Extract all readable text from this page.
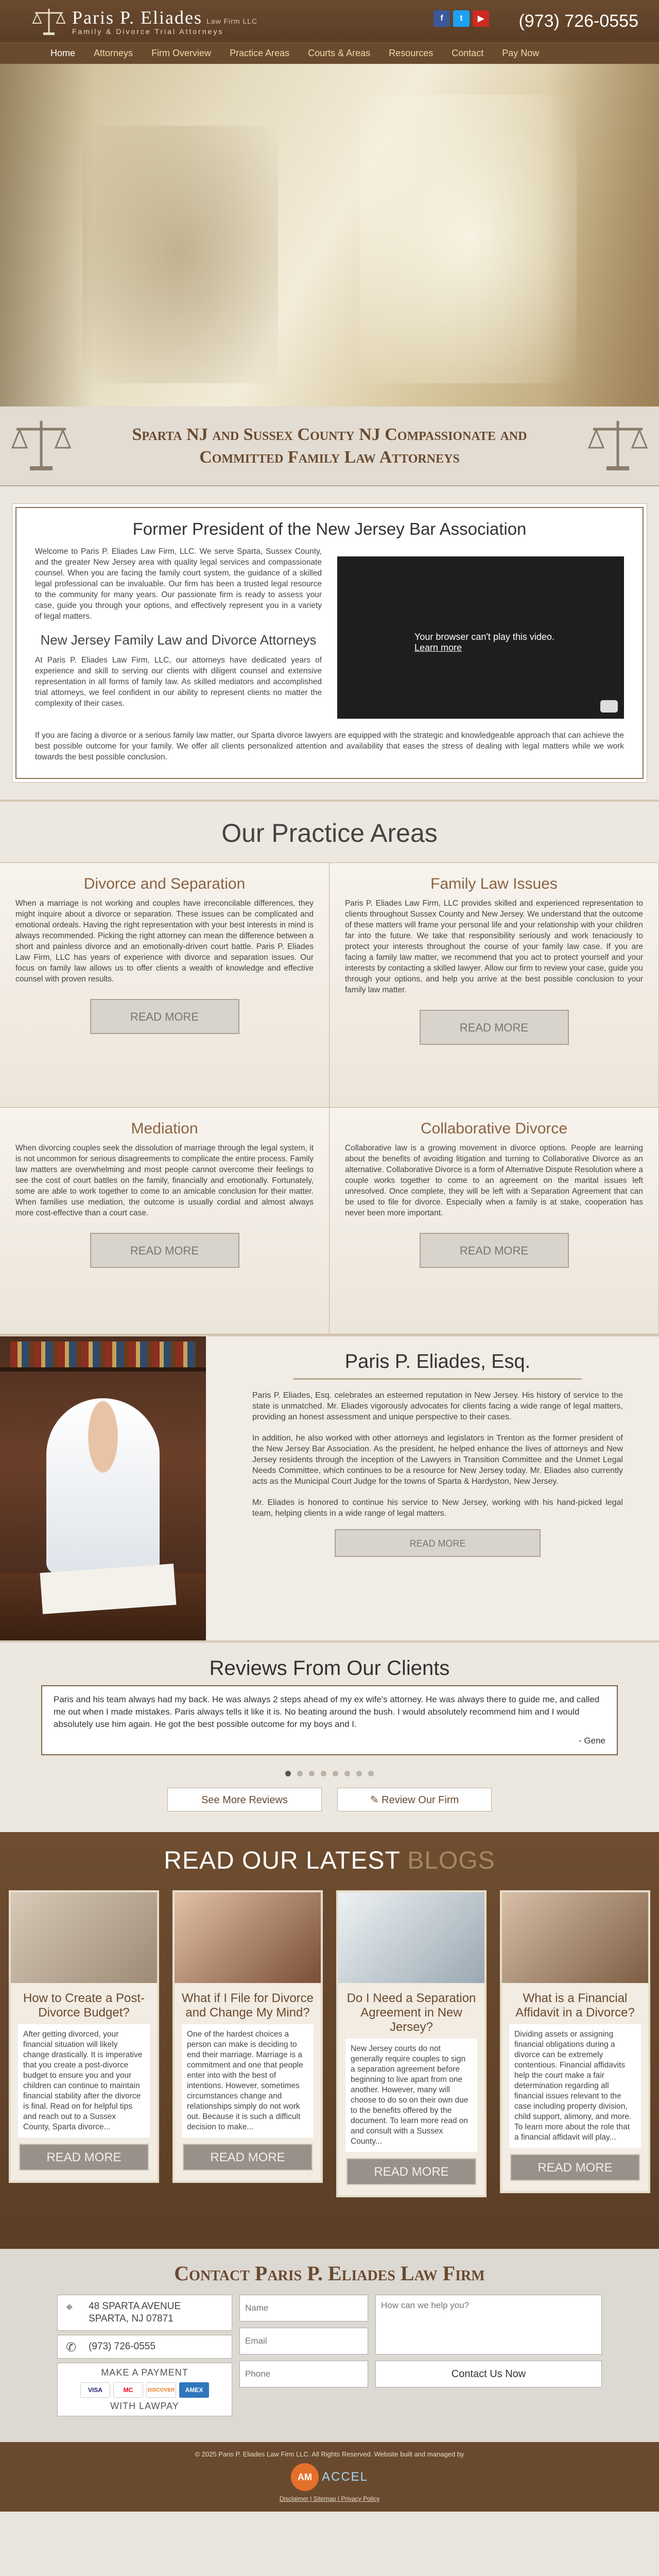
Paris P. Eliades Law Firm LLC
Family & Divorce Trial Attorneys
f	t	▶ (973) 726-0555
Home	Attorneys	Firm Overview	Practice Areas	Courts & Areas	Resources	Contact	Pay Now
Sparta NJ and Sussex County NJ Compassionate and Committed Family Law Attorneys
Former President of the New Jersey Bar Association

Welcome to Paris P. Eliades Law Firm, LLC. We serve Sparta, Sussex County, and the greater New Jersey area with quality legal services and compassionate counsel. When you are facing the family court system, the guidance of a skilled legal professional can be invaluable. Our firm has been a trusted legal resource to the community for many years. Our passionate firm is ready to assess your case, guide you through your options, and effectively represent you in a variety of legal matters.

New Jersey Family Law and Divorce Attorneys

At Paris P. Eliades Law Firm, LLC, our attorneys have dedicated years of experience and skill to serving our clients with diligent counsel and extensive representation in all forms of family law. As skilled mediators and accomplished trial attorneys, we feel confident in our ability to represent clients no matter the complexity of their cases.

Your browser can't play this video.
Learn more

If you are facing a divorce or a serious family law matter, our Sparta divorce lawyers are equipped with the strategic and knowledgeable approach that can achieve the best possible outcome for your family. We offer all clients personalized attention and availability that eases the stress of dealing with legal matters while we work towards the best possible conclusion.

Our Practice Areas
Divorce and Separation

When a marriage is not working and couples have irreconcilable differences, they might inquire about a divorce or separation. These issues can be complicated and emotional ordeals. Having the right representation with your best interests in mind is always recommended. Picking the right attorney can mean the difference between a short and painless divorce and an emotionally-driven court battle. Paris P. Eliades Law Firm, LLC has years of experience with divorce and separation issues. Our focus on family law allows us to offer clients a wealth of knowledge and effective counsel with proven results.

READ MORE
Family Law Issues

Paris P. Eliades Law Firm, LLC provides skilled and experienced representation to clients throughout Sussex County and New Jersey. We understand that the outcome of these matters will frame your personal life and your relationship with your children far into the future. We take that responsibility seriously and work tenaciously to protect your interests throughout the course of your family law case. If you are facing a family law matter, we recommend that you act to protect yourself and your interests by contacting a skilled lawyer. Allow our firm to review your case, guide you through your options, and help you arrive at the best possible conclusion to your family law matter.

READ MORE
Mediation

When divorcing couples seek the dissolution of marriage through the legal system, it is not uncommon for serious disagreements to complicate the entire process. Family law matters are overwhelming and most people cannot overcome their feelings to see the cost of court battles on the family, financially and emotionally. Fortunately, some are able to work together to come to an amicable conclusion for their matter. When families use mediation, the outcome is usually cordial and almost always more cost-effective than a court case.

READ MORE
Collaborative Divorce

Collaborative law is a growing movement in divorce options. People are learning about the benefits of avoiding litigation and turning to Collaborative Divorce as an alternative. Collaborative Divorce is a form of Alternative Dispute Resolution where a couple works together to come to an agreement on the marital issues left unresolved. Once complete, they will be left with a Separation Agreement that can be used to file for divorce. Especially when a family is at stake, cooperation has never been more important.

READ MORE
Paris P. Eliades, Esq.

Paris P. Eliades, Esq. celebrates an esteemed reputation in New Jersey. His history of service to the state is unmatched. Mr. Eliades vigorously advocates for clients facing a wide range of legal matters, providing an honest assessment and unique perspective to their cases.

In addition, he also worked with other attorneys and legislators in Trenton as the former president of the New Jersey Bar Association. As the president, he helped enhance the lives of attorneys and New Jersey residents through the inception of the Lawyers in Transition Committee and the Unmet Legal Needs Committee, which continues to be a resource for New Jersey today. Mr. Eliades also currently acts as the Municipal Court Judge for the towns of Sparta & Hardyston, New Jersey.

Mr. Eliades is honored to continue his service to New Jersey, working with his hand-picked legal team, helping clients in a wide range of legal matters.

READ MORE
Reviews From Our Clients

Paris and his team always had my back. He was always 2 steps ahead of my ex wife's attorney. He was always there to guide me, and called me out when I made mistakes. Paris always tells it like it is. No beating around the bush. I would absolutely recommend him and I would absolutely use him again. He got the best possible outcome for my boys and I.

- Gene

See More Reviews	✎ Review Our Firm
READ OUR LATEST BLOGS
How to Create a Post-Divorce Budget?
After getting divorced, your financial situation will likely change drastically. It is imperative that you create a post-divorce budget to ensure you and your children can continue to maintain financial stability after the divorce is final. Read on for helpful tips and reach out to a Sussex County, Sparta divorce...
READ MORE
What if I File for Divorce and Change My Mind?
One of the hardest choices a person can make is deciding to end their marriage. Marriage is a commitment and one that people enter into with the best of intentions. However, sometimes circumstances change and relationships simply do not work out. Because it is such a difficult decision to make...
READ MORE
Do I Need a Separation Agreement in New Jersey?
New Jersey courts do not generally require couples to sign a separation agreement before beginning to live apart from one another. However, many will choose to do so on their own due to the benefits offered by the document. To learn more read on and consult with a Sussex County...
READ MORE
What is a Financial Affidavit in a Divorce?
Dividing assets or assigning financial obligations during a divorce can be extremely contentious. Financial affidavits help the court make a fair determination regarding all financial issues relevant to the case including property division, child support, alimony, and more. To learn more about the role that a financial affidavit will play...
READ MORE
Contact Paris P. Eliades Law Firm
⌖ 48 SPARTA AVENUE
SPARTA, NJ 07871
✆ (973) 726-0555
MAKE A PAYMENT
VISA	MC	DISCOVER	AMEX
WITH LAWPAY
Name
Email
Phone
How can we help you?
Contact Us Now
© 2025 Paris P. Eliades Law Firm LLC. All Rights Reserved. Website built and managed by
AM ACCEL
Disclaimer | Sitemap | Privacy Policy
